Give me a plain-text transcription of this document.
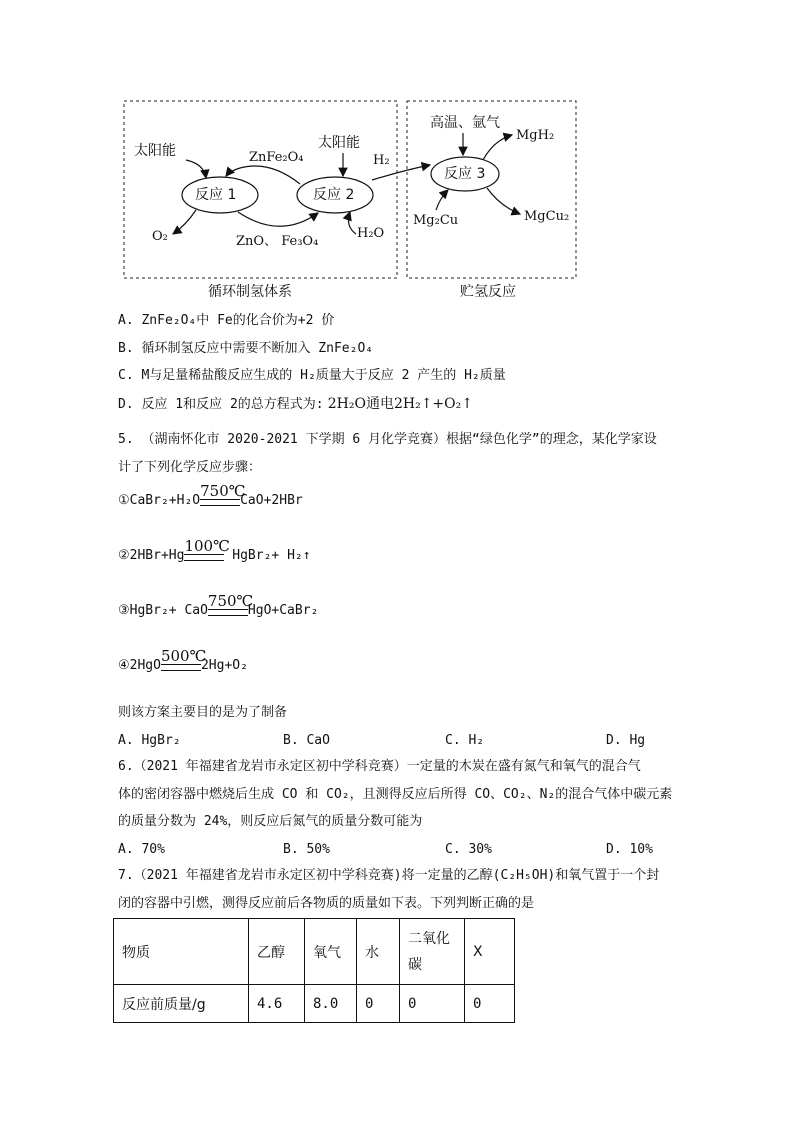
太阳能	太阳能
ZnFe₂O₄
反应 1	反应 2
反应 3
O₂	ZnO、 Fe₃O₄
H₂O
H₂
高温、氩气
MgH₂
Mg₂Cu	MgCu₂
循环制氢体系	贮氢反应
A. ZnFe₂O₄中 Fe的化合价为+2 价
B. 循环制氢反应中需要不断加入 ZnFe₂O₄
C. M与足量稀盐酸反应生成的 H₂质量大于反应 2 产生的 H₂质量
D. 反应 1和反应 2的总方程式为: 2H₂O通电2H₂↑+O₂↑
5. （湖南怀化市 2020-2021 下学期 6 月化学竞赛）根据“绿色化学”的理念，某化学家设
计了下列化学反应步骤：
①CaBr₂+H₂O
750℃
CaO+2HBr
②2HBr+Hg
100℃
HgBr₂+ H₂↑
③HgBr₂+ CaO
750℃
HgO+CaBr₂
④2HgO
500℃
2Hg+O₂
则该方案主要目的是为了制备
A. HgBr₂	B. CaO	C. H₂	D. Hg
6.（2021 年福建省龙岩市永定区初中学科竞赛）一定量的木炭在盛有氮气和氧气的混合气
体的密闭容器中燃烧后生成 CO 和 CO₂，且测得反应后所得 CO、CO₂、N₂的混合气体中碳元素
的质量分数为 24%，则反应后氮气的质量分数可能为
A. 70%	B. 50%	C. 30%	D. 10%
7.（2021 年福建省龙岩市永定区初中学科竞赛)将一定量的乙醇(C₂H₅OH)和氧气置于一个封
闭的容器中引燃，测得反应前后各物质的质量如下表。下列判断正确的是
物质	乙醇	氧气	水	二氧化碳	X
反应前质量/g	4.6	8.0	0	0	0
